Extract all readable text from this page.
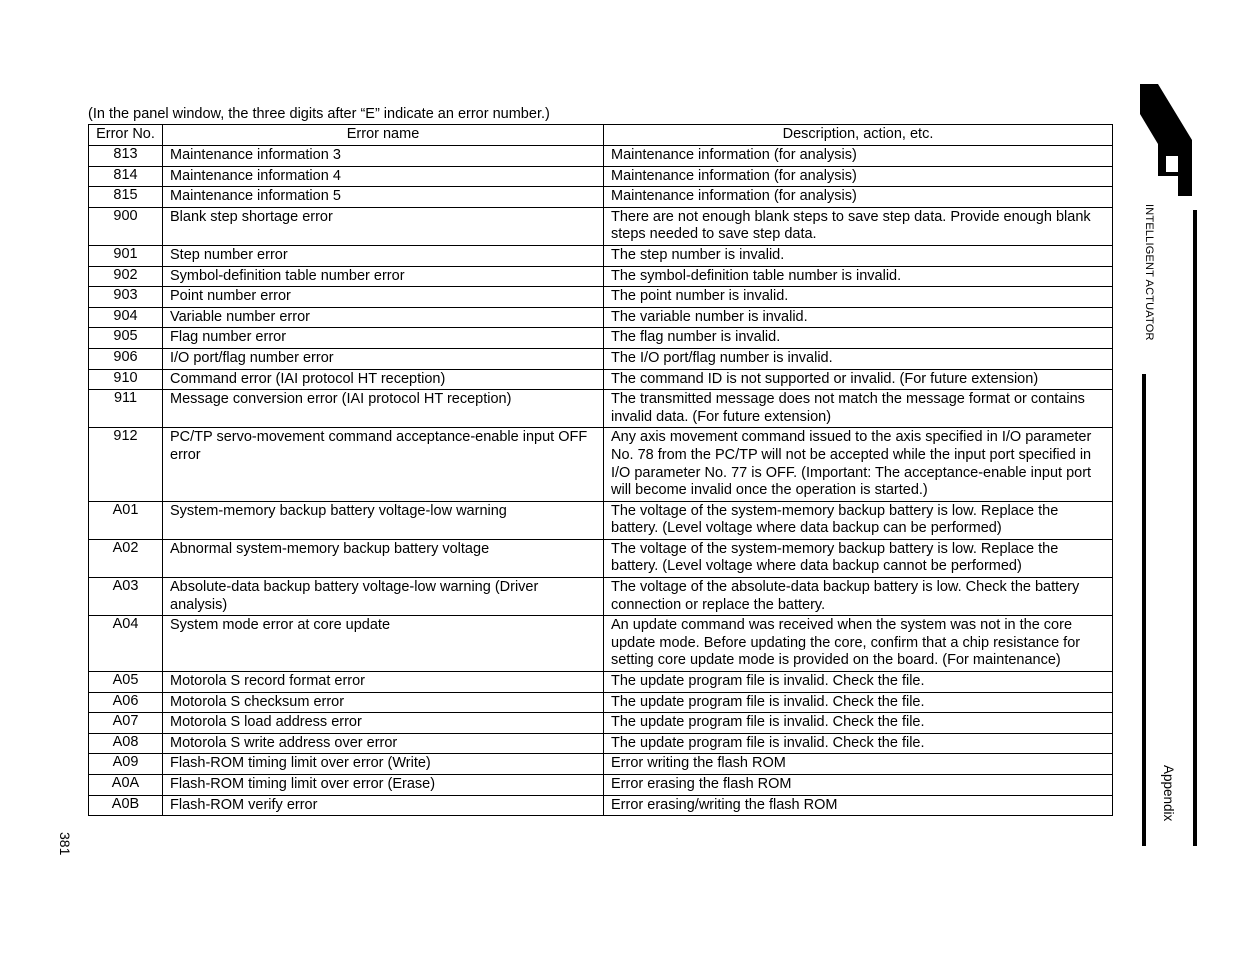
(In the panel window, the three digits after “E” indicate an error number.)
Error No.	Error name	Description, action, etc.
813	Maintenance information 3	Maintenance information (for analysis)
814	Maintenance information 4	Maintenance information (for analysis)
815	Maintenance information 5	Maintenance information (for analysis)
900	Blank step shortage error	There are not enough blank steps to save step data. Provide enough blank steps needed to save step data.
901	Step number error	The step number is invalid.
902	Symbol-definition table number error	The symbol-definition table number is invalid.
903	Point number error	The point number is invalid.
904	Variable number error	The variable number is invalid.
905	Flag number error	The flag number is invalid.
906	I/O port/flag number error	The I/O port/flag number is invalid.
910	Command error (IAI protocol HT reception)	The command ID is not supported or invalid. (For future extension)
911	Message conversion error (IAI protocol HT reception)	The transmitted message does not match the message format or contains invalid data. (For future extension)
912	PC/TP servo-movement command acceptance-enable input OFF error	Any axis movement command issued to the axis specified in I/O parameter No. 78 from the PC/TP will not be accepted while the input port specified in I/O parameter No. 77 is OFF. (Important: The acceptance-enable input port will become invalid once the operation is started.)
A01	System-memory backup battery voltage-low warning	The voltage of the system-memory backup battery is low. Replace the battery. (Level voltage where data backup can be performed)
A02	Abnormal system-memory backup battery voltage	The voltage of the system-memory backup battery is low. Replace the battery. (Level voltage where data backup cannot be performed)
A03	Absolute-data backup battery voltage-low warning (Driver analysis)	The voltage of the absolute-data backup battery is low. Check the battery connection or replace the battery.
A04	System mode error at core update	An update command was received when the system was not in the core update mode. Before updating the core, confirm that a chip resistance for setting core update mode is provided on the board. (For maintenance)
A05	Motorola S record format error	The update program file is invalid. Check the file.
A06	Motorola S checksum error	The update program file is invalid. Check the file.
A07	Motorola S load address error	The update program file is invalid. Check the file.
A08	Motorola S write address over error	The update program file is invalid. Check the file.
A09	Flash-ROM timing limit over error (Write)	Error writing the flash ROM
A0A	Flash-ROM timing limit over error (Erase)	Error erasing the flash ROM
A0B	Flash-ROM verify error	Error erasing/writing the flash ROM
381
INTELLIGENT ACTUATOR
Appendix
